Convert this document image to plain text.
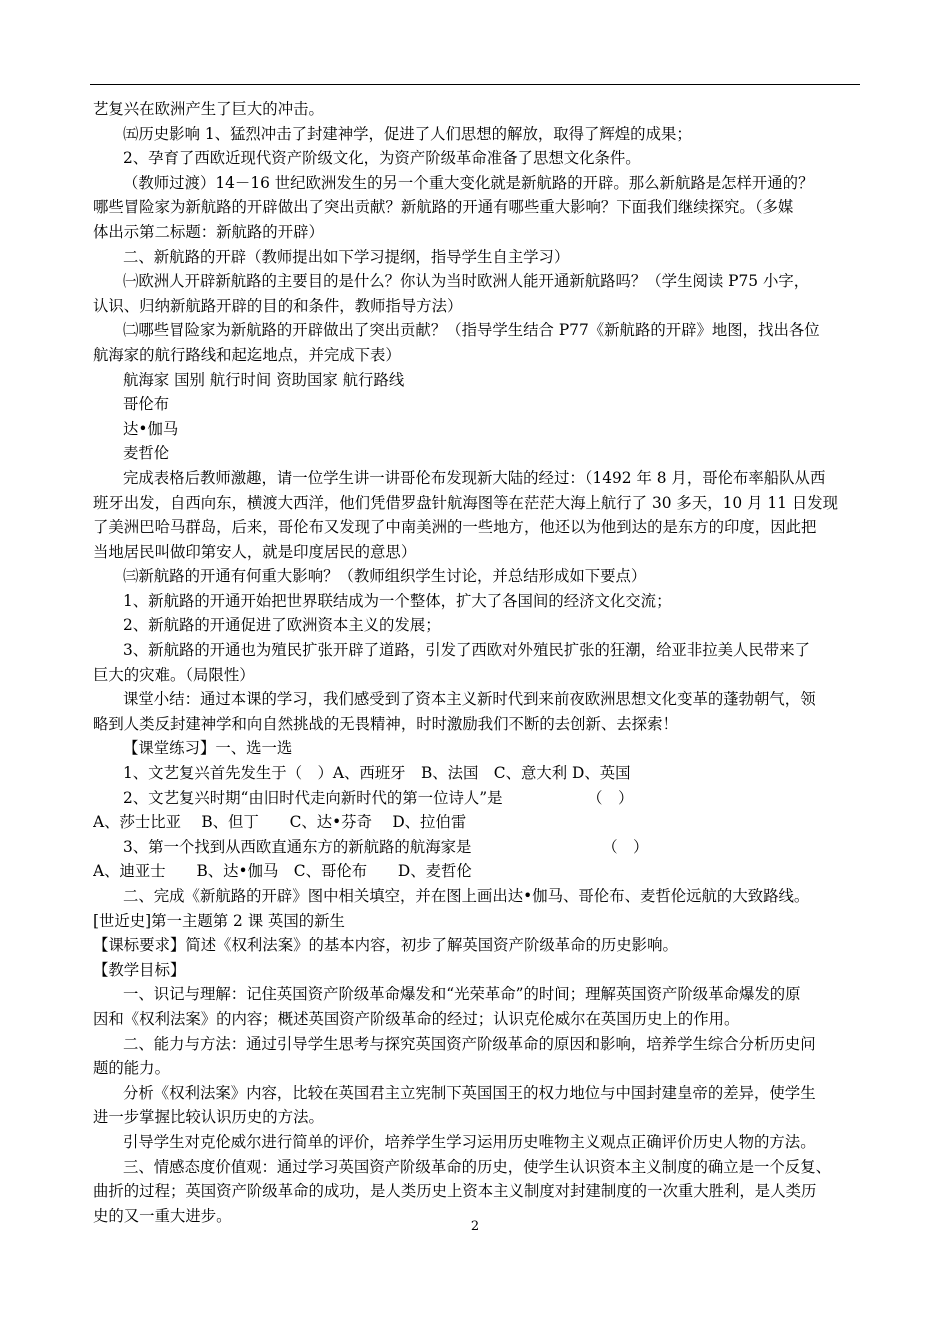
艺复兴在欧洲产生了巨大的冲击。
㈤历史影响 1、猛烈冲击了封建神学，促进了人们思想的解放，取得了辉煌的成果；
2、孕育了西欧近现代资产阶级文化，为资产阶级革命准备了思想文化条件。
（教师过渡）14－16 世纪欧洲发生的另一个重大变化就是新航路的开辟。那么新航路是怎样开通的？
哪些冒险家为新航路的开辟做出了突出贡献？新航路的开通有哪些重大影响？下面我们继续探究。（多媒
体出示第二标题：新航路的开辟）
二、新航路的开辟（教师提出如下学习提纲，指导学生自主学习）
㈠欧洲人开辟新航路的主要目的是什么？你认为当时欧洲人能开通新航路吗？（学生阅读 P75 小字，
认识、归纳新航路开辟的目的和条件，教师指导方法）
㈡哪些冒险家为新航路的开辟做出了突出贡献？（指导学生结合 P77《新航路的开辟》地图，找出各位
航海家的航行路线和起迄地点，并完成下表）
航海家 国别 航行时间 资助国家 航行路线
哥伦布
达•伽马
麦哲伦
完成表格后教师激趣，请一位学生讲一讲哥伦布发现新大陆的经过：（1492 年 8 月，哥伦布率船队从西
班牙出发，自西向东，横渡大西洋，他们凭借罗盘针航海图等在茫茫大海上航行了 30 多天，10 月 11 日发现
了美洲巴哈马群岛，后来，哥伦布又发现了中南美洲的一些地方，他还以为他到达的是东方的印度，因此把
当地居民叫做印第安人，就是印度居民的意思）
㈢新航路的开通有何重大影响？（教师组织学生讨论，并总结形成如下要点）
1、新航路的开通开始把世界联结成为一个整体，扩大了各国间的经济文化交流；
2、新航路的开通促进了欧洲资本主义的发展；
3、新航路的开通也为殖民扩张开辟了道路，引发了西欧对外殖民扩张的狂潮，给亚非拉美人民带来了
巨大的灾难。（局限性）
课堂小结：通过本课的学习，我们感受到了资本主义新时代到来前夜欧洲思想文化变革的蓬勃朝气，领
略到人类反封建神学和向自然挑战的无畏精神，时时激励我们不断的去创新、去探索！
【课堂练习】一、选一选
1、文艺复兴首先发生于（　）A、西班牙　B、法国　C、意大利 D、英国
2、文艺复兴时期“由旧时代走向新时代的第一位诗人”是　　　　　　（　）
A、莎士比亚　 B、但丁　　C、达•芬奇　 D、拉伯雷
3、第一个找到从西欧直通东方的新航路的航海家是　　　　　　　　　（　）
A、迪亚士　　B、达•伽马　C、哥伦布　　D、麦哲伦
二、完成《新航路的开辟》图中相关填空，并在图上画出达•伽马、哥伦布、麦哲伦远航的大致路线。
[世近史]第一主题第 2 课 英国的新生
【课标要求】简述《权利法案》的基本内容，初步了解英国资产阶级革命的历史影响。
【教学目标】
一、识记与理解：记住英国资产阶级革命爆发和“光荣革命”的时间；理解英国资产阶级革命爆发的原
因和《权利法案》的内容；概述英国资产阶级革命的经过；认识克伦威尔在英国历史上的作用。
二、能力与方法：通过引导学生思考与探究英国资产阶级革命的原因和影响，培养学生综合分析历史问
题的能力。
分析《权利法案》内容，比较在英国君主立宪制下英国国王的权力地位与中国封建皇帝的差异，使学生
进一步掌握比较认识历史的方法。
引导学生对克伦威尔进行简单的评价，培养学生学习运用历史唯物主义观点正确评价历史人物的方法。
三、情感态度价值观：通过学习英国资产阶级革命的历史，使学生认识资本主义制度的确立是一个反复、
曲折的过程；英国资产阶级革命的成功，是人类历史上资本主义制度对封建制度的一次重大胜利，是人类历
史的又一重大进步。
2
